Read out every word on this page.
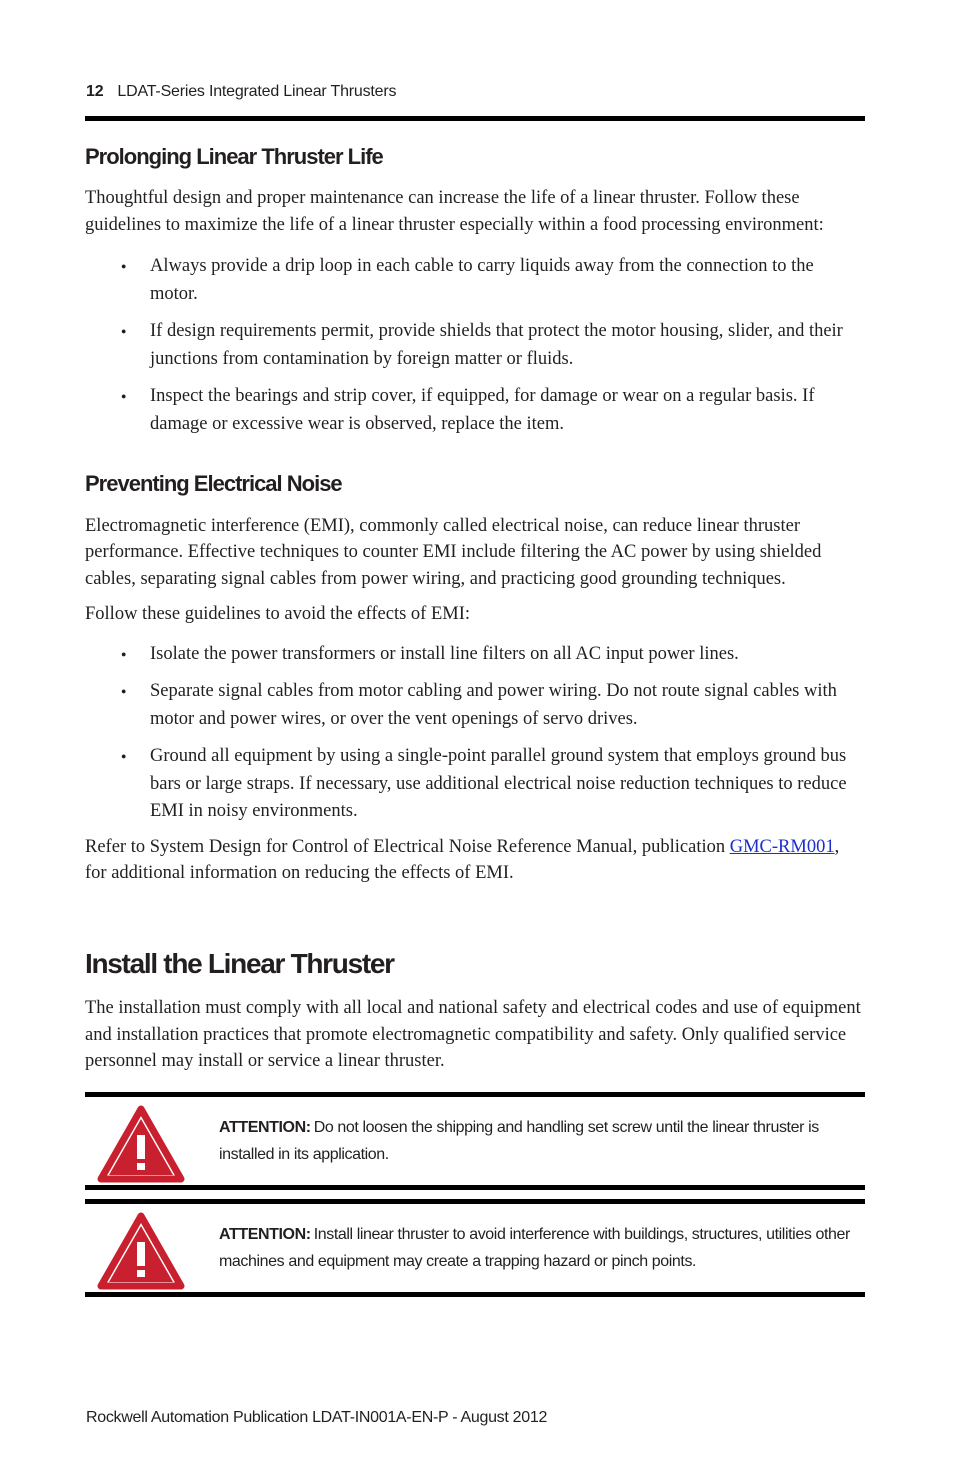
12 LDAT-Series Integrated Linear Thrusters
Prolonging Linear Thruster Life

Thoughtful design and proper maintenance can increase the life of a linear thruster. Follow these guidelines to maximize the life of a linear thruster especially within a food processing environment:

● Always provide a drip loop in each cable to carry liquids away from the connection to the motor.
● If design requirements permit, provide shields that protect the motor housing, slider, and their junctions from contamination by foreign matter or fluids.
● Inspect the bearings and strip cover, if equipped, for damage or wear on a regular basis. If damage or excessive wear is observed, replace the item.
Preventing Electrical Noise

Electromagnetic interference (EMI), commonly called electrical noise, can reduce linear thruster performance. Effective techniques to counter EMI include filtering the AC power by using shielded cables, separating signal cables from power wiring, and practicing good grounding techniques.

Follow these guidelines to avoid the effects of EMI:

● Isolate the power transformers or install line filters on all AC input power lines.
● Separate signal cables from motor cabling and power wiring. Do not route signal cables with motor and power wires, or over the vent openings of servo drives.
● Ground all equipment by using a single-point parallel ground system that employs ground bus bars or large straps. If necessary, use additional electrical noise reduction techniques to reduce EMI in noisy environments.

Refer to System Design for Control of Electrical Noise Reference Manual, publication GMC-RM001, for additional information on reducing the effects of EMI.

Install the Linear Thruster

The installation must comply with all local and national safety and electrical codes and use of equipment and installation practices that promote electromagnetic compatibility and safety. Only qualified service personnel may install or service a linear thruster.

ATTENTION: Do not loosen the shipping and handling set screw until the linear thruster is installed in its application.
ATTENTION: Install linear thruster to avoid interference with buildings, structures, utilities other machines and equipment may create a trapping hazard or pinch points.
Rockwell Automation Publication LDAT-IN001A-EN-P - August 2012
